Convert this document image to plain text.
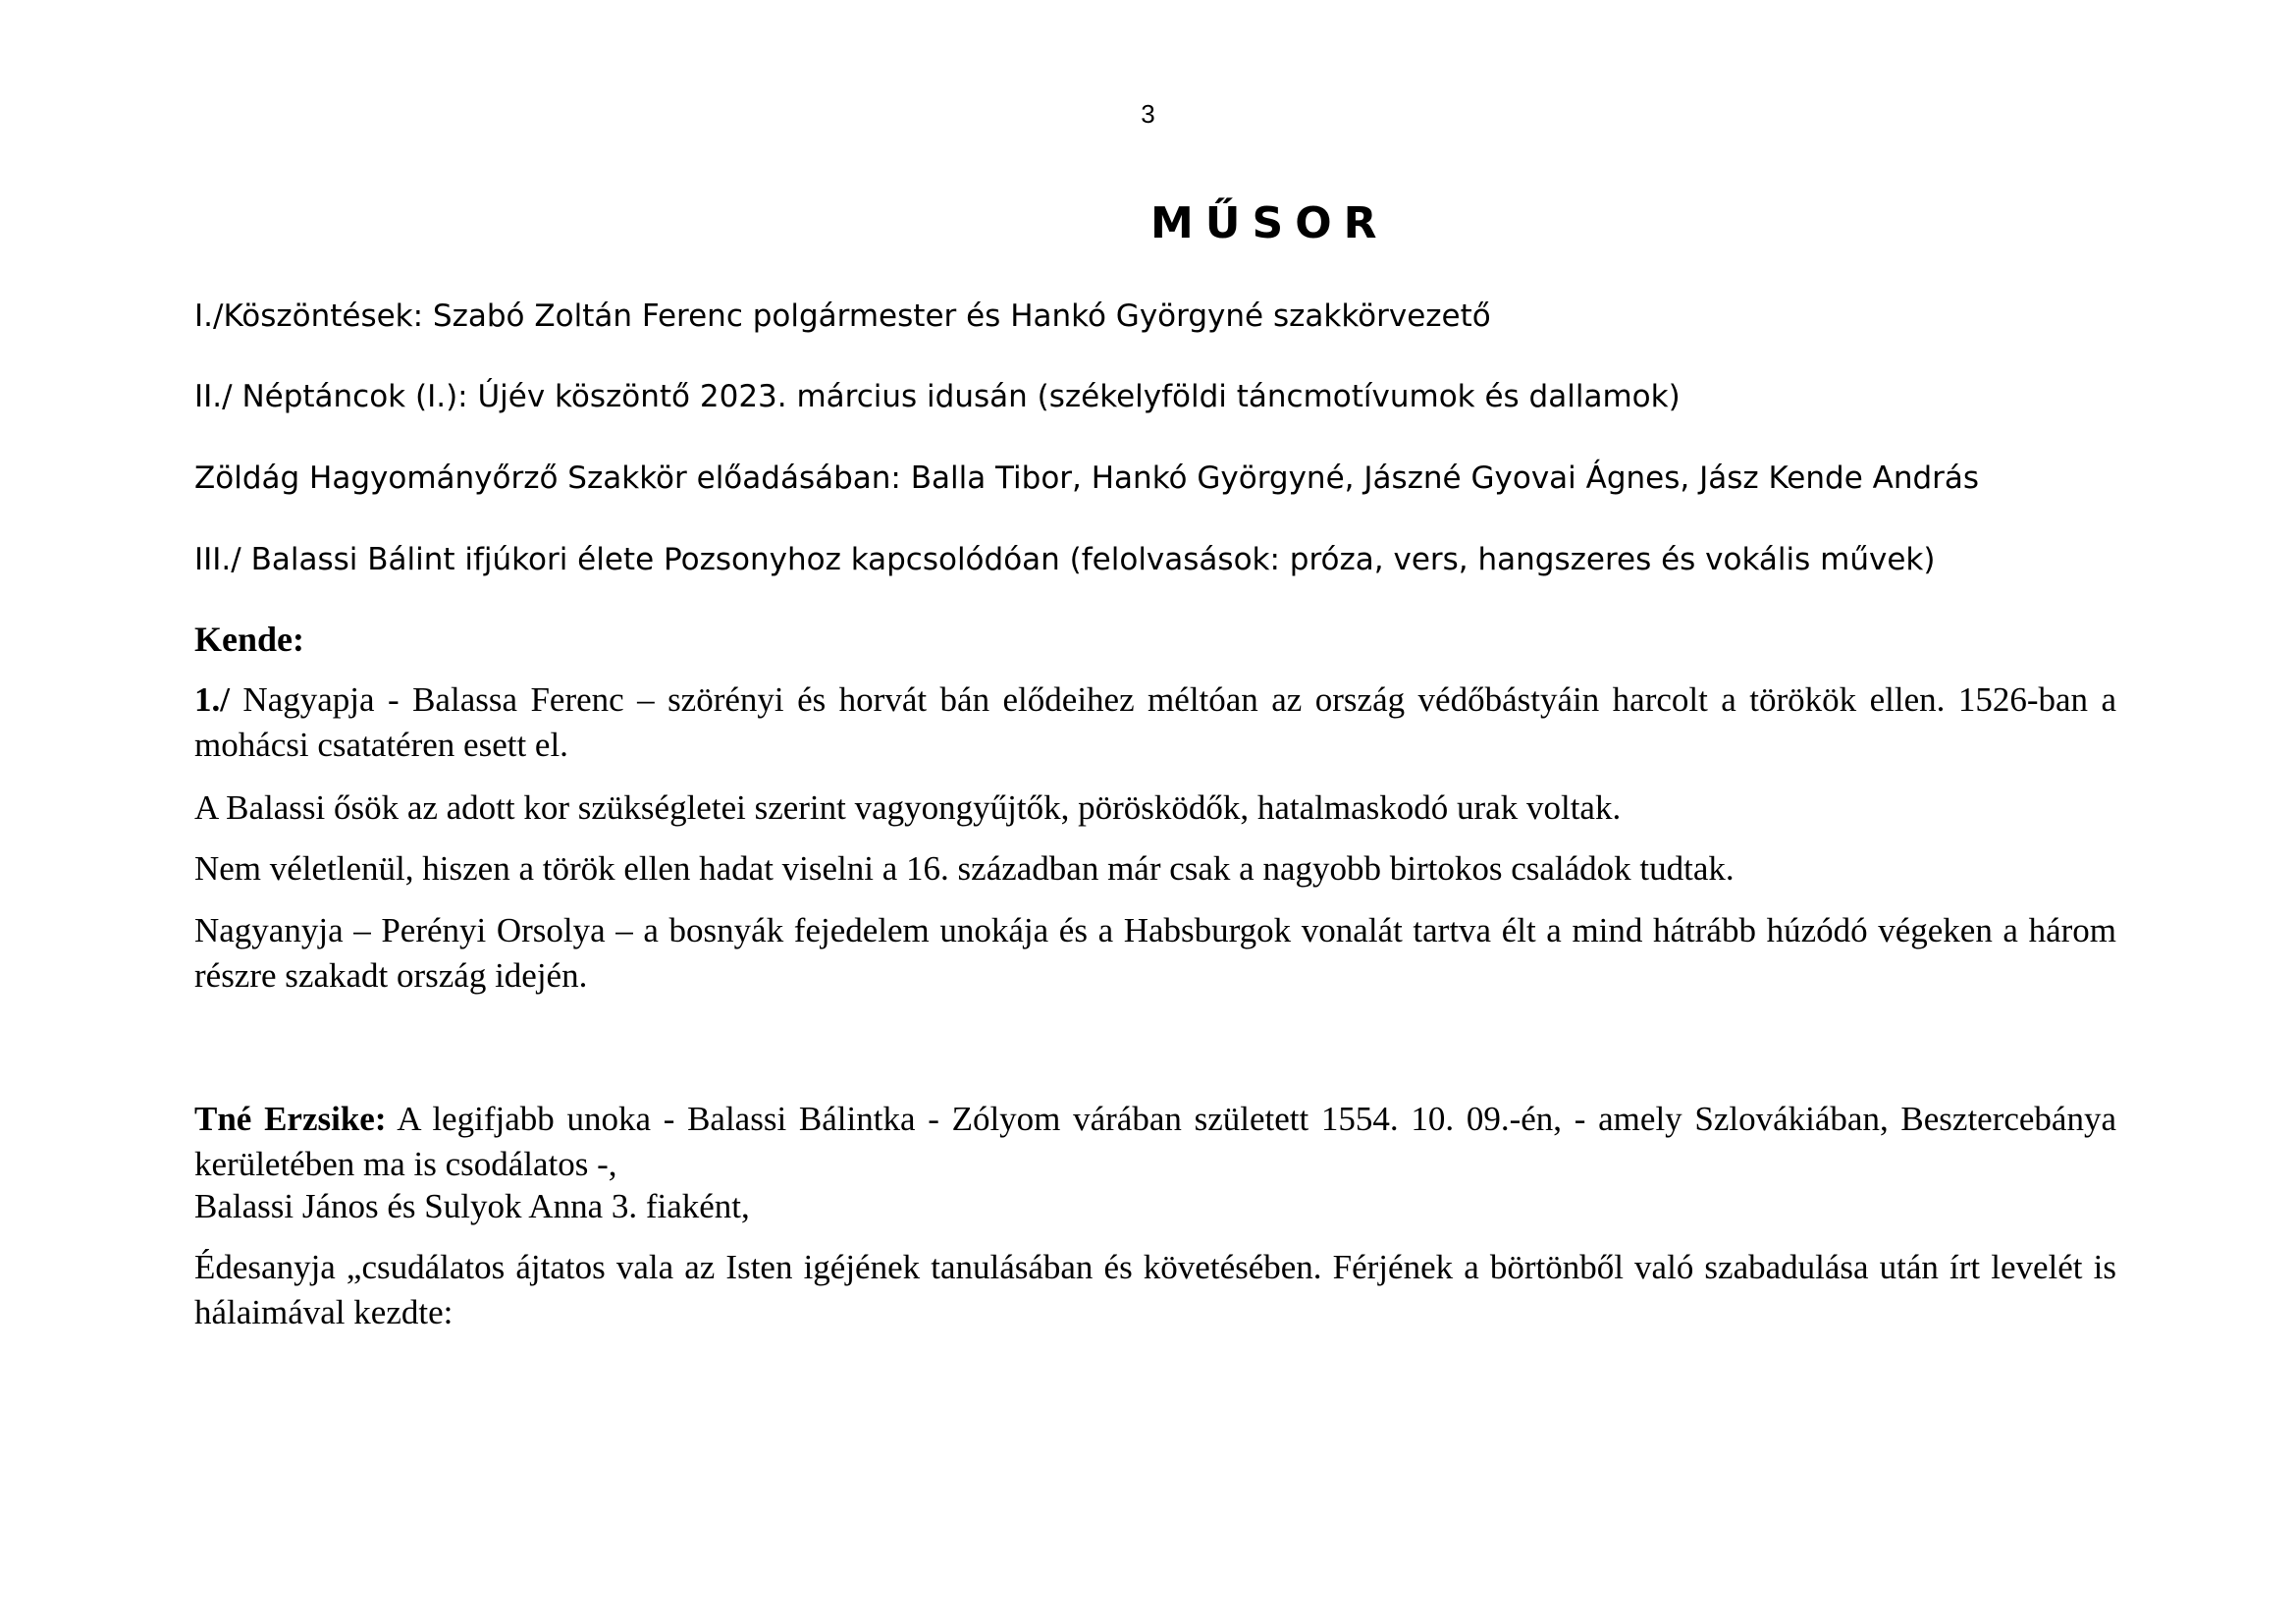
3
MŰSOR
I./Köszöntések: Szabó Zoltán Ferenc polgármester és Hankó Györgyné szakkörvezető
II./ Néptáncok (I.): Újév köszöntő 2023. március idusán (székelyföldi táncmotívumok és dallamok)
Zöldág Hagyományőrző Szakkör előadásában: Balla Tibor, Hankó Györgyné, Jászné Gyovai Ágnes, Jász Kende András
III./ Balassi Bálint ifjúkori élete Pozsonyhoz kapcsolódóan (felolvasások: próza, vers, hangszeres és vokális művek)
Kende:

1./ Nagyapja - Balassa Ferenc – szörényi és horvát bán elődeihez méltóan az ország védőbástyáin harcolt a törökök ellen. 1526-ban a mohácsi csatatéren esett el.

A Balassi ősök az adott kor szükségletei szerint vagyongyűjtők, pörösködők, hatalmaskodó urak voltak.

Nem véletlenül, hiszen a török ellen hadat viselni a 16. században már csak a nagyobb birtokos családok tudtak.

Nagyanyja – Perényi Orsolya – a bosnyák fejedelem unokája és a Habsburgok vonalát tartva élt a mind hátrább húzódó végeken a három részre szakadt ország idején.

Tné Erzsike: A legifjabb unoka - Balassi Bálintka - Zólyom várában született 1554. 10. 09.-én, - amely Szlovákiában, Besztercebánya kerületében ma is csodálatos -,

Balassi János és Sulyok Anna 3. fiaként,

Édesanyja „csudálatos ájtatos vala az Isten igéjének tanulásában és követésében. Férjének a börtönből való szabadulása után írt levelét is hálaimával kezdte:
